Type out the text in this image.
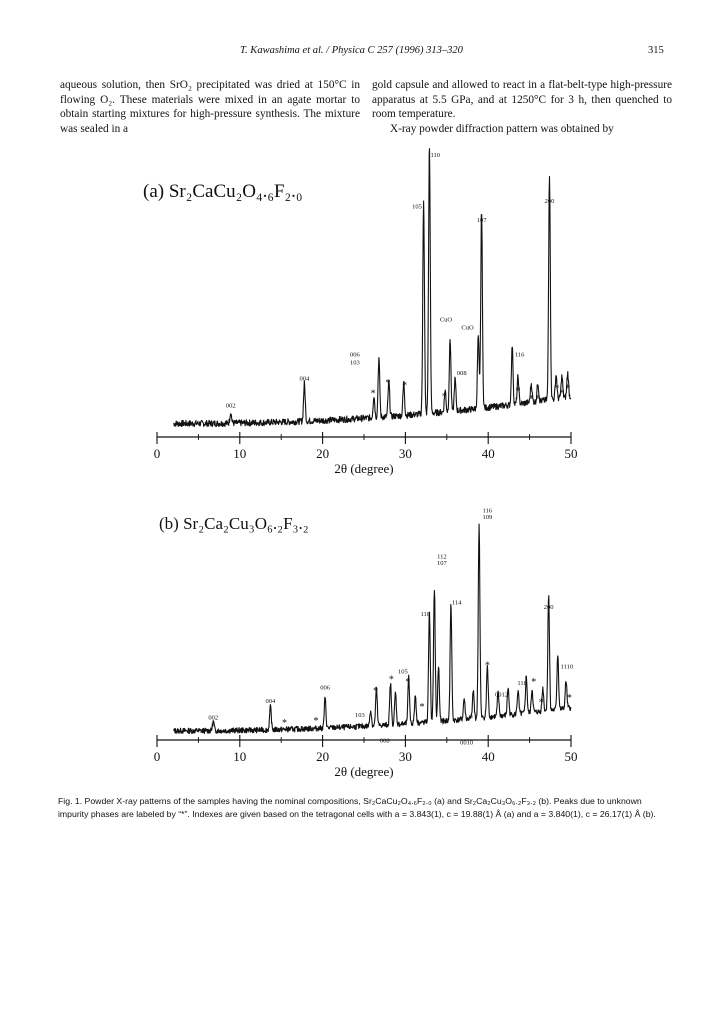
T. Kawashima et al. / Physica C 257 (1996) 313–320	315

aqueous solution, then SrO₂ precipitated was dried at 150°C in flowing O₂. These materials were mixed in an agate mortar to obtain starting mixtures for high-pressure synthesis. The mixture was sealed in a

gold capsule and allowed to react in a flat-belt-type high-pressure apparatus at 5.5 GPa, and at 1250°C for 3 h, then quenched to room temperature.

X-ray powder diffraction pattern was obtained by

(a) Sr₂CaCu₂O₄.₆F₂.₀
0	10	20	30	40	50
2θ (degree)
002
004
006
103
105
110
CuO
CuO
008
107
116
200
*
* *
*	*
* *
* * *
(b) Sr₂Ca₂Cu₃O₆.₂F₃.₂
0	10	20	30	40	50
2θ (degree)
002
004
006
103
008
105
110
112
107
114
0010
116
109
0012
118
200
1110
*	*
*
* *
*
*
*
*
* *

Fig. 1. Powder X-ray patterns of the samples having the nominal compositions, Sr₂CaCu₂O₄.₆F₂.₀ (a) and Sr₂Ca₂Cu₃O₆.₂F₃.₂ (b). Peaks due to unknown impurity phases are labeled by “*”. Indexes are given based on the tetragonal cells with a = 3.843(1), c = 19.88(1) Å (a) and a = 3.840(1), c = 26.17(1) Å (b).
